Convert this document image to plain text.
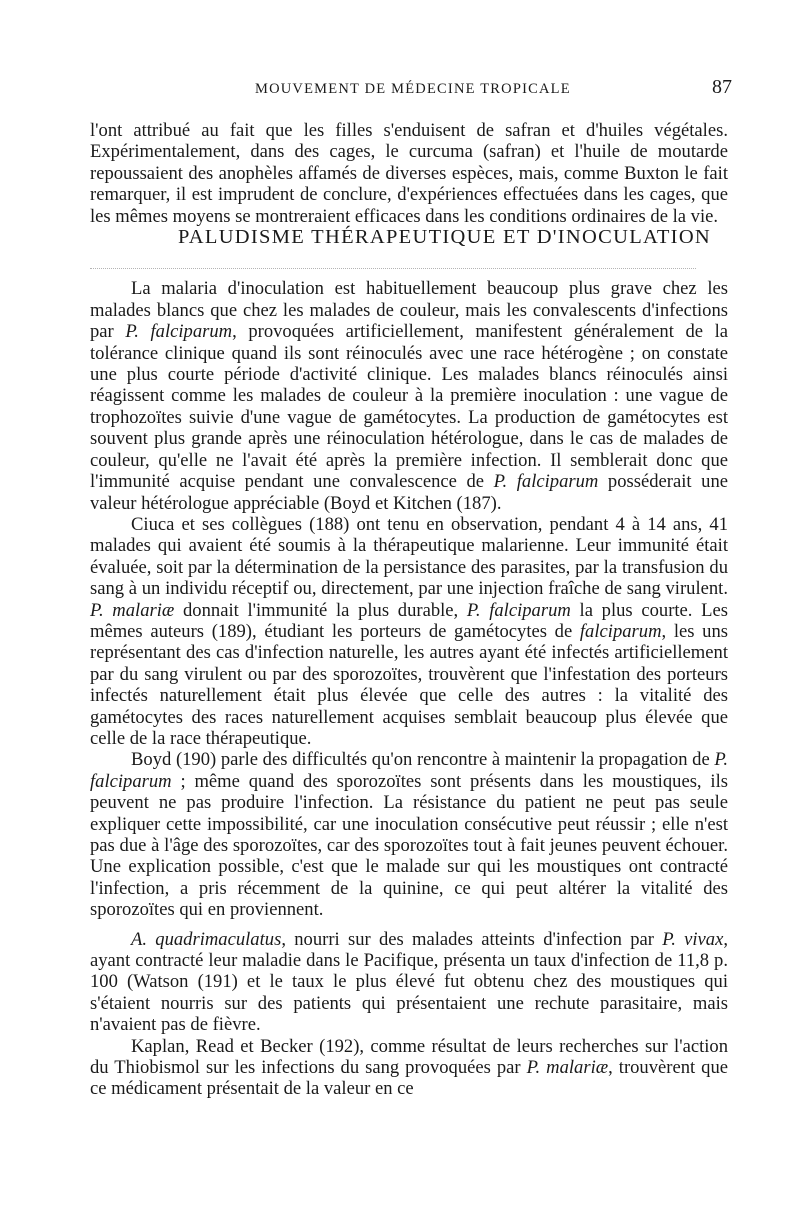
MOUVEMENT DE MÉDECINE TROPICALE	87

l'ont attribué au fait que les filles s'enduisent de safran et d'huiles végétales. Expérimentalement, dans des cages, le curcuma (safran) et l'huile de moutarde repoussaient des anophèles affamés de diverses espèces, mais, comme Buxton le fait remarquer, il est imprudent de conclure, d'expériences effectuées dans les cages, que les mêmes moyens se montreraient efficaces dans les conditions ordinaires de la vie.

PALUDISME THÉRAPEUTIQUE ET D'INOCULATION

La malaria d'inoculation est habituellement beaucoup plus grave chez les malades blancs que chez les malades de couleur, mais les convalescents d'infections par P. falciparum, provoquées artificiellement, manifestent généralement de la tolérance clinique quand ils sont réinoculés avec une race hétérogène ; on constate une plus courte période d'activité clinique. Les malades blancs réinoculés ainsi réagissent comme les malades de couleur à la première inoculation : une vague de trophozoïtes suivie d'une vague de gamétocytes. La production de gamétocytes est souvent plus grande après une réinoculation hétérologue, dans le cas de malades de couleur, qu'elle ne l'avait été après la première infection. Il semblerait donc que l'immunité acquise pendant une convalescence de P. falciparum posséderait une valeur hétérologue appréciable (Boyd et Kitchen (187).

Ciuca et ses collègues (188) ont tenu en observation, pendant 4 à 14 ans, 41 malades qui avaient été soumis à la thérapeutique malarienne. Leur immunité était évaluée, soit par la détermination de la persistance des parasites, par la transfusion du sang à un individu réceptif ou, directement, par une injection fraîche de sang virulent. P. malariæ donnait l'immunité la plus durable, P. falciparum la plus courte. Les mêmes auteurs (189), étudiant les porteurs de gamétocytes de falciparum, les uns représentant des cas d'infection naturelle, les autres ayant été infectés artificiellement par du sang virulent ou par des sporozoïtes, trouvèrent que l'infestation des porteurs infectés naturellement était plus élevée que celle des autres : la vitalité des gamétocytes des races naturellement acquises semblait beaucoup plus élevée que celle de la race thérapeutique.

Boyd (190) parle des difficultés qu'on rencontre à maintenir la propagation de P. falciparum ; même quand des sporozoïtes sont présents dans les moustiques, ils peuvent ne pas produire l'infection. La résistance du patient ne peut pas seule expliquer cette impossibilité, car une inoculation consécutive peut réussir ; elle n'est pas due à l'âge des sporozoïtes, car des sporozoïtes tout à fait jeunes peuvent échouer. Une explication possible, c'est que le malade sur qui les moustiques ont contracté l'infection, a pris récemment de la quinine, ce qui peut altérer la vitalité des sporozoïtes qui en proviennent.

A. quadrimaculatus, nourri sur des malades atteints d'infection par P. vivax, ayant contracté leur maladie dans le Pacifique, présenta un taux d'infection de 11,8 p. 100 (Watson (191) et le taux le plus élevé fut obtenu chez des moustiques qui s'étaient nourris sur des patients qui présentaient une rechute parasitaire, mais n'avaient pas de fièvre.

Kaplan, Read et Becker (192), comme résultat de leurs recherches sur l'action du Thiobismol sur les infections du sang provoquées par P. malariæ, trouvèrent que ce médicament présentait de la valeur en ce
